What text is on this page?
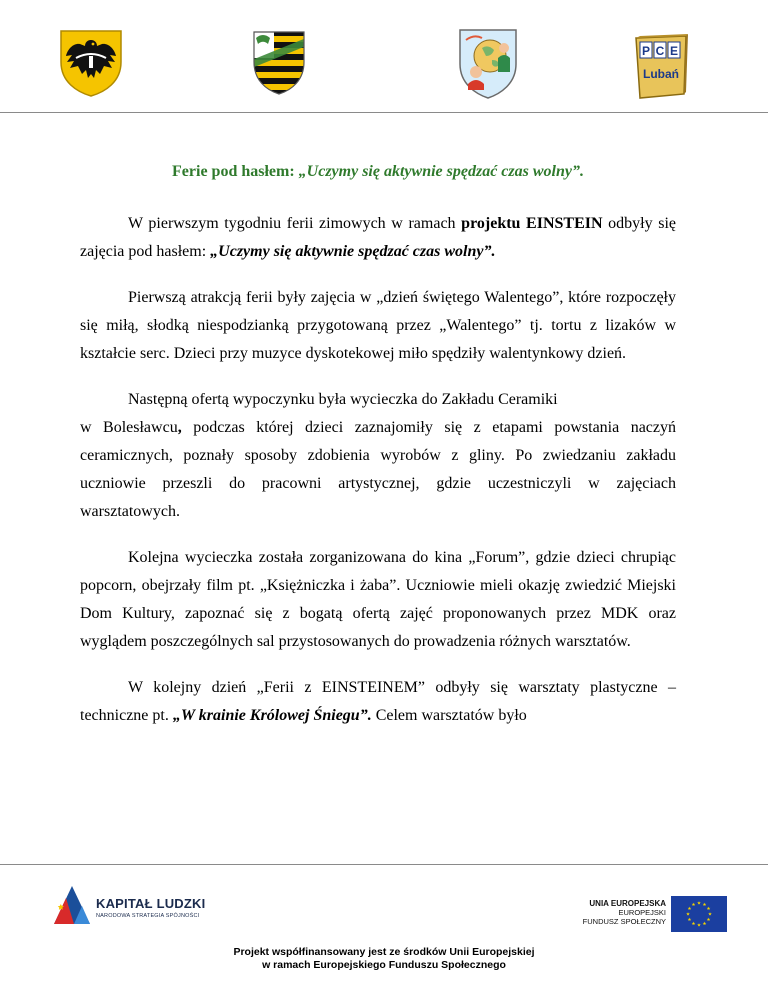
P C E
Lubań
Ferie pod hasłem: „Uczymy się aktywnie spędzać czas wolny”.

W pierwszym tygodniu ferii zimowych w ramach projektu EINSTEIN odbyły się zajęcia pod hasłem: „Uczymy się aktywnie spędzać czas wolny”.

Pierwszą atrakcją ferii były zajęcia w „dzień świętego Walentego”, które rozpoczęły się miłą, słodką niespodzianką przygotowaną przez „Walentego” tj. tortu z lizaków w kształcie serc. Dzieci przy muzyce dyskotekowej miło spędziły walentynkowy dzień.

Następną ofertą wypoczynku była wycieczka do Zakładu Ceramiki
w Bolesławcu, podczas której dzieci zaznajomiły się z etapami powstania naczyń ceramicznych, poznały sposoby zdobienia wyrobów z gliny. Po zwiedzaniu zakładu uczniowie przeszli do pracowni artystycznej, gdzie uczestniczyli w zajęciach warsztatowych.

Kolejna wycieczka została zorganizowana do kina „Forum”, gdzie dzieci chrupiąc popcorn, obejrzały film pt. „Księżniczka i żaba”. Uczniowie mieli okazję zwiedzić Miejski Dom Kultury, zapoznać się z bogatą ofertą zajęć proponowanych przez MDK oraz wyglądem poszczególnych sal przystosowanych do prowadzenia różnych warsztatów.

W kolejny dzień „Ferii z EINSTEINEM” odbyły się warsztaty plastyczne – techniczne pt. „W krainie Królowej Śniegu”. Celem warsztatów było

KAPITAŁ LUDZKI
NARODOWA STRATEGIA SPÓJNOŚCI
UNIA EUROPEJSKA
EUROPEJSKI
FUNDUSZ SPOŁECZNY
Projekt współfinansowany jest ze środków Unii Europejskiej
w ramach Europejskiego Funduszu Społecznego
